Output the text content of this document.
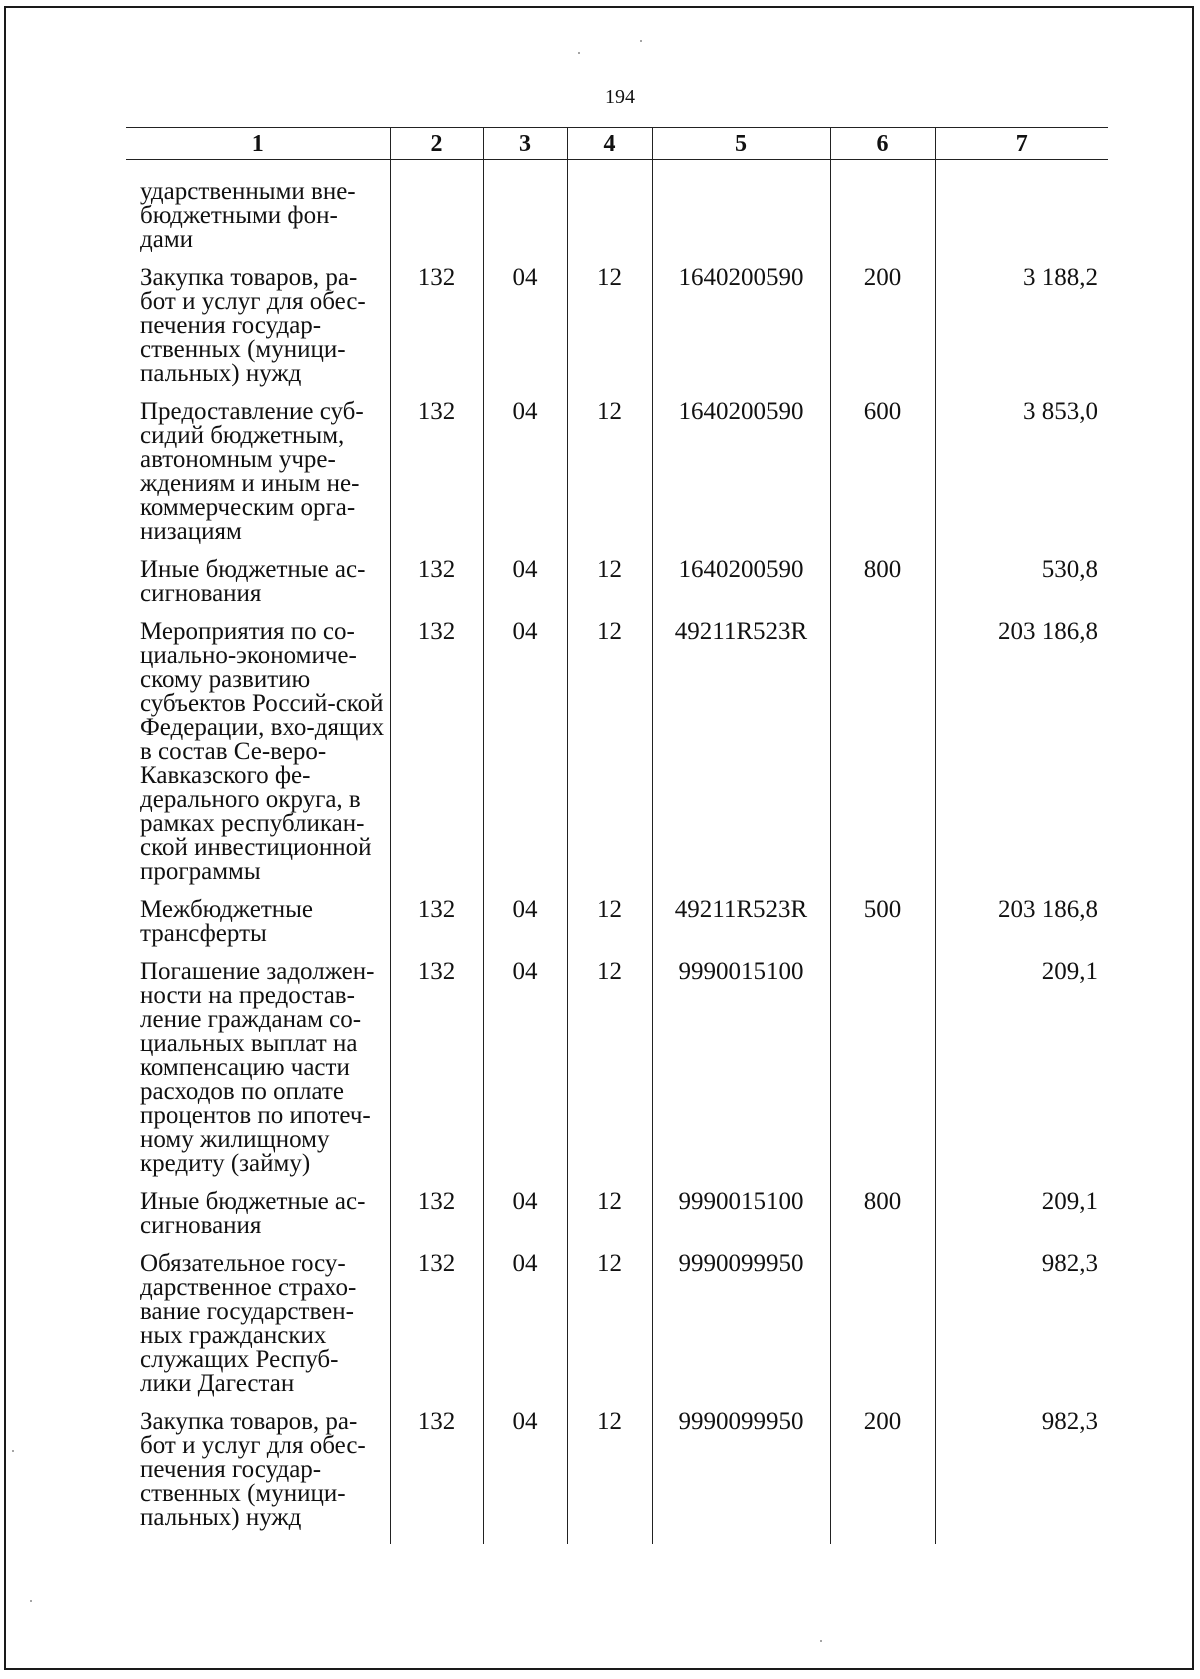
194
1	2	3	4	5	6	7
ударственными вне-бюджетными фон-дами						
Закупка товаров, ра-бот и услуг для обес-печения государ-ственных (муници-пальных) нужд	132	04	12	1640200590	200	3 188,2
Предоставление суб-сидий бюджетным, автономным учре-ждениям и иным не-коммерческим орга-низациям	132	04	12	1640200590	600	3 853,0
Иные бюджетные ас-сигнования	132	04	12	1640200590	800	530,8
Мероприятия по со-циально-экономиче-скому развитию субъектов Россий-ской Федерации, вхо-дящих в состав Се-веро-Кавказского фе-дерального округа, в рамках республикан-ской инвестиционной программы	132	04	12	49211R523R		203 186,8
Межбюджетные трансферты	132	04	12	49211R523R	500	203 186,8
Погашение задолжен-ности на предостав-ление гражданам со-циальных выплат на компенсацию части расходов по оплате процентов по ипотеч-ному жилищному кредиту (займу)	132	04	12	9990015100		209,1
Иные бюджетные ас-сигнования	132	04	12	9990015100	800	209,1
Обязательное госу-дарственное страхо-вание государствен-ных гражданских служащих Респуб-лики Дагестан	132	04	12	9990099950		982,3
Закупка товаров, ра-бот и услуг для обес-печения государ-ственных (муници-пальных) нужд	132	04	12	9990099950	200	982,3
